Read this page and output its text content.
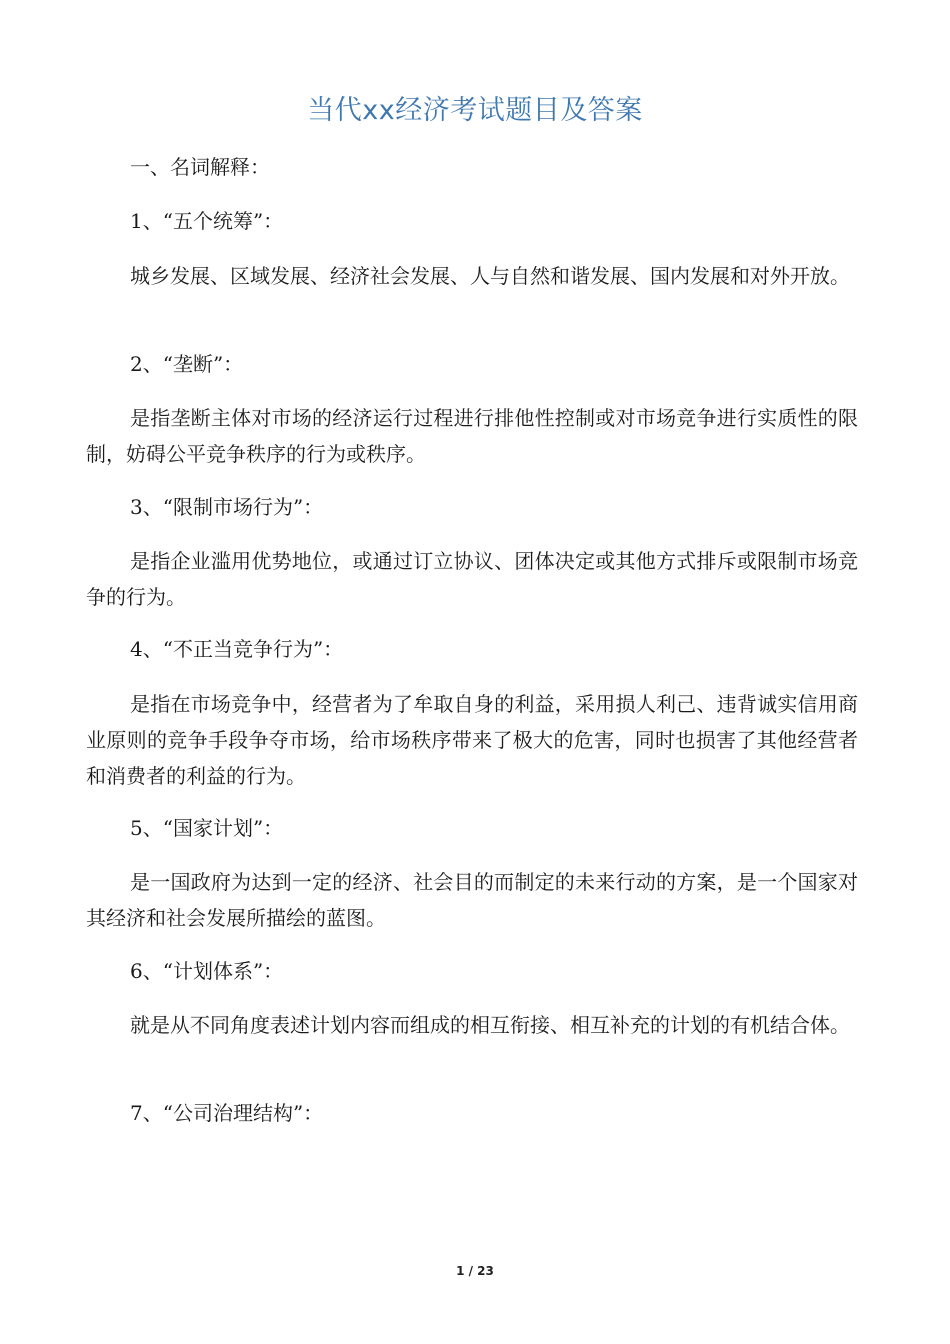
当代xx经济考试题目及答案
一、名词解释：
1、“五个统筹”：
城乡发展、区域发展、经济社会发展、人与自然和谐发展、国内发展和对外开放。
2、“垄断”：
是指垄断主体对市场的经济运行过程进行排他性控制或对市场竞争进行实质性的限制，妨碍公平竞争秩序的行为或秩序。
3、“限制市场行为”：
是指企业滥用优势地位，或通过订立协议、团体决定或其他方式排斥或限制市场竞争的行为。
4、“不正当竞争行为”：
是指在市场竞争中，经营者为了牟取自身的利益，采用损人利己、违背诚实信用商业原则的竞争手段争夺市场，给市场秩序带来了极大的危害，同时也损害了其他经营者和消费者的利益的行为。
5、“国家计划”：
是一国政府为达到一定的经济、社会目的而制定的未来行动的方案，是一个国家对其经济和社会发展所描绘的蓝图。
6、“计划体系”：
就是从不同角度表述计划内容而组成的相互衔接、相互补充的计划的有机结合体。
7、“公司治理结构”：
1 / 23
